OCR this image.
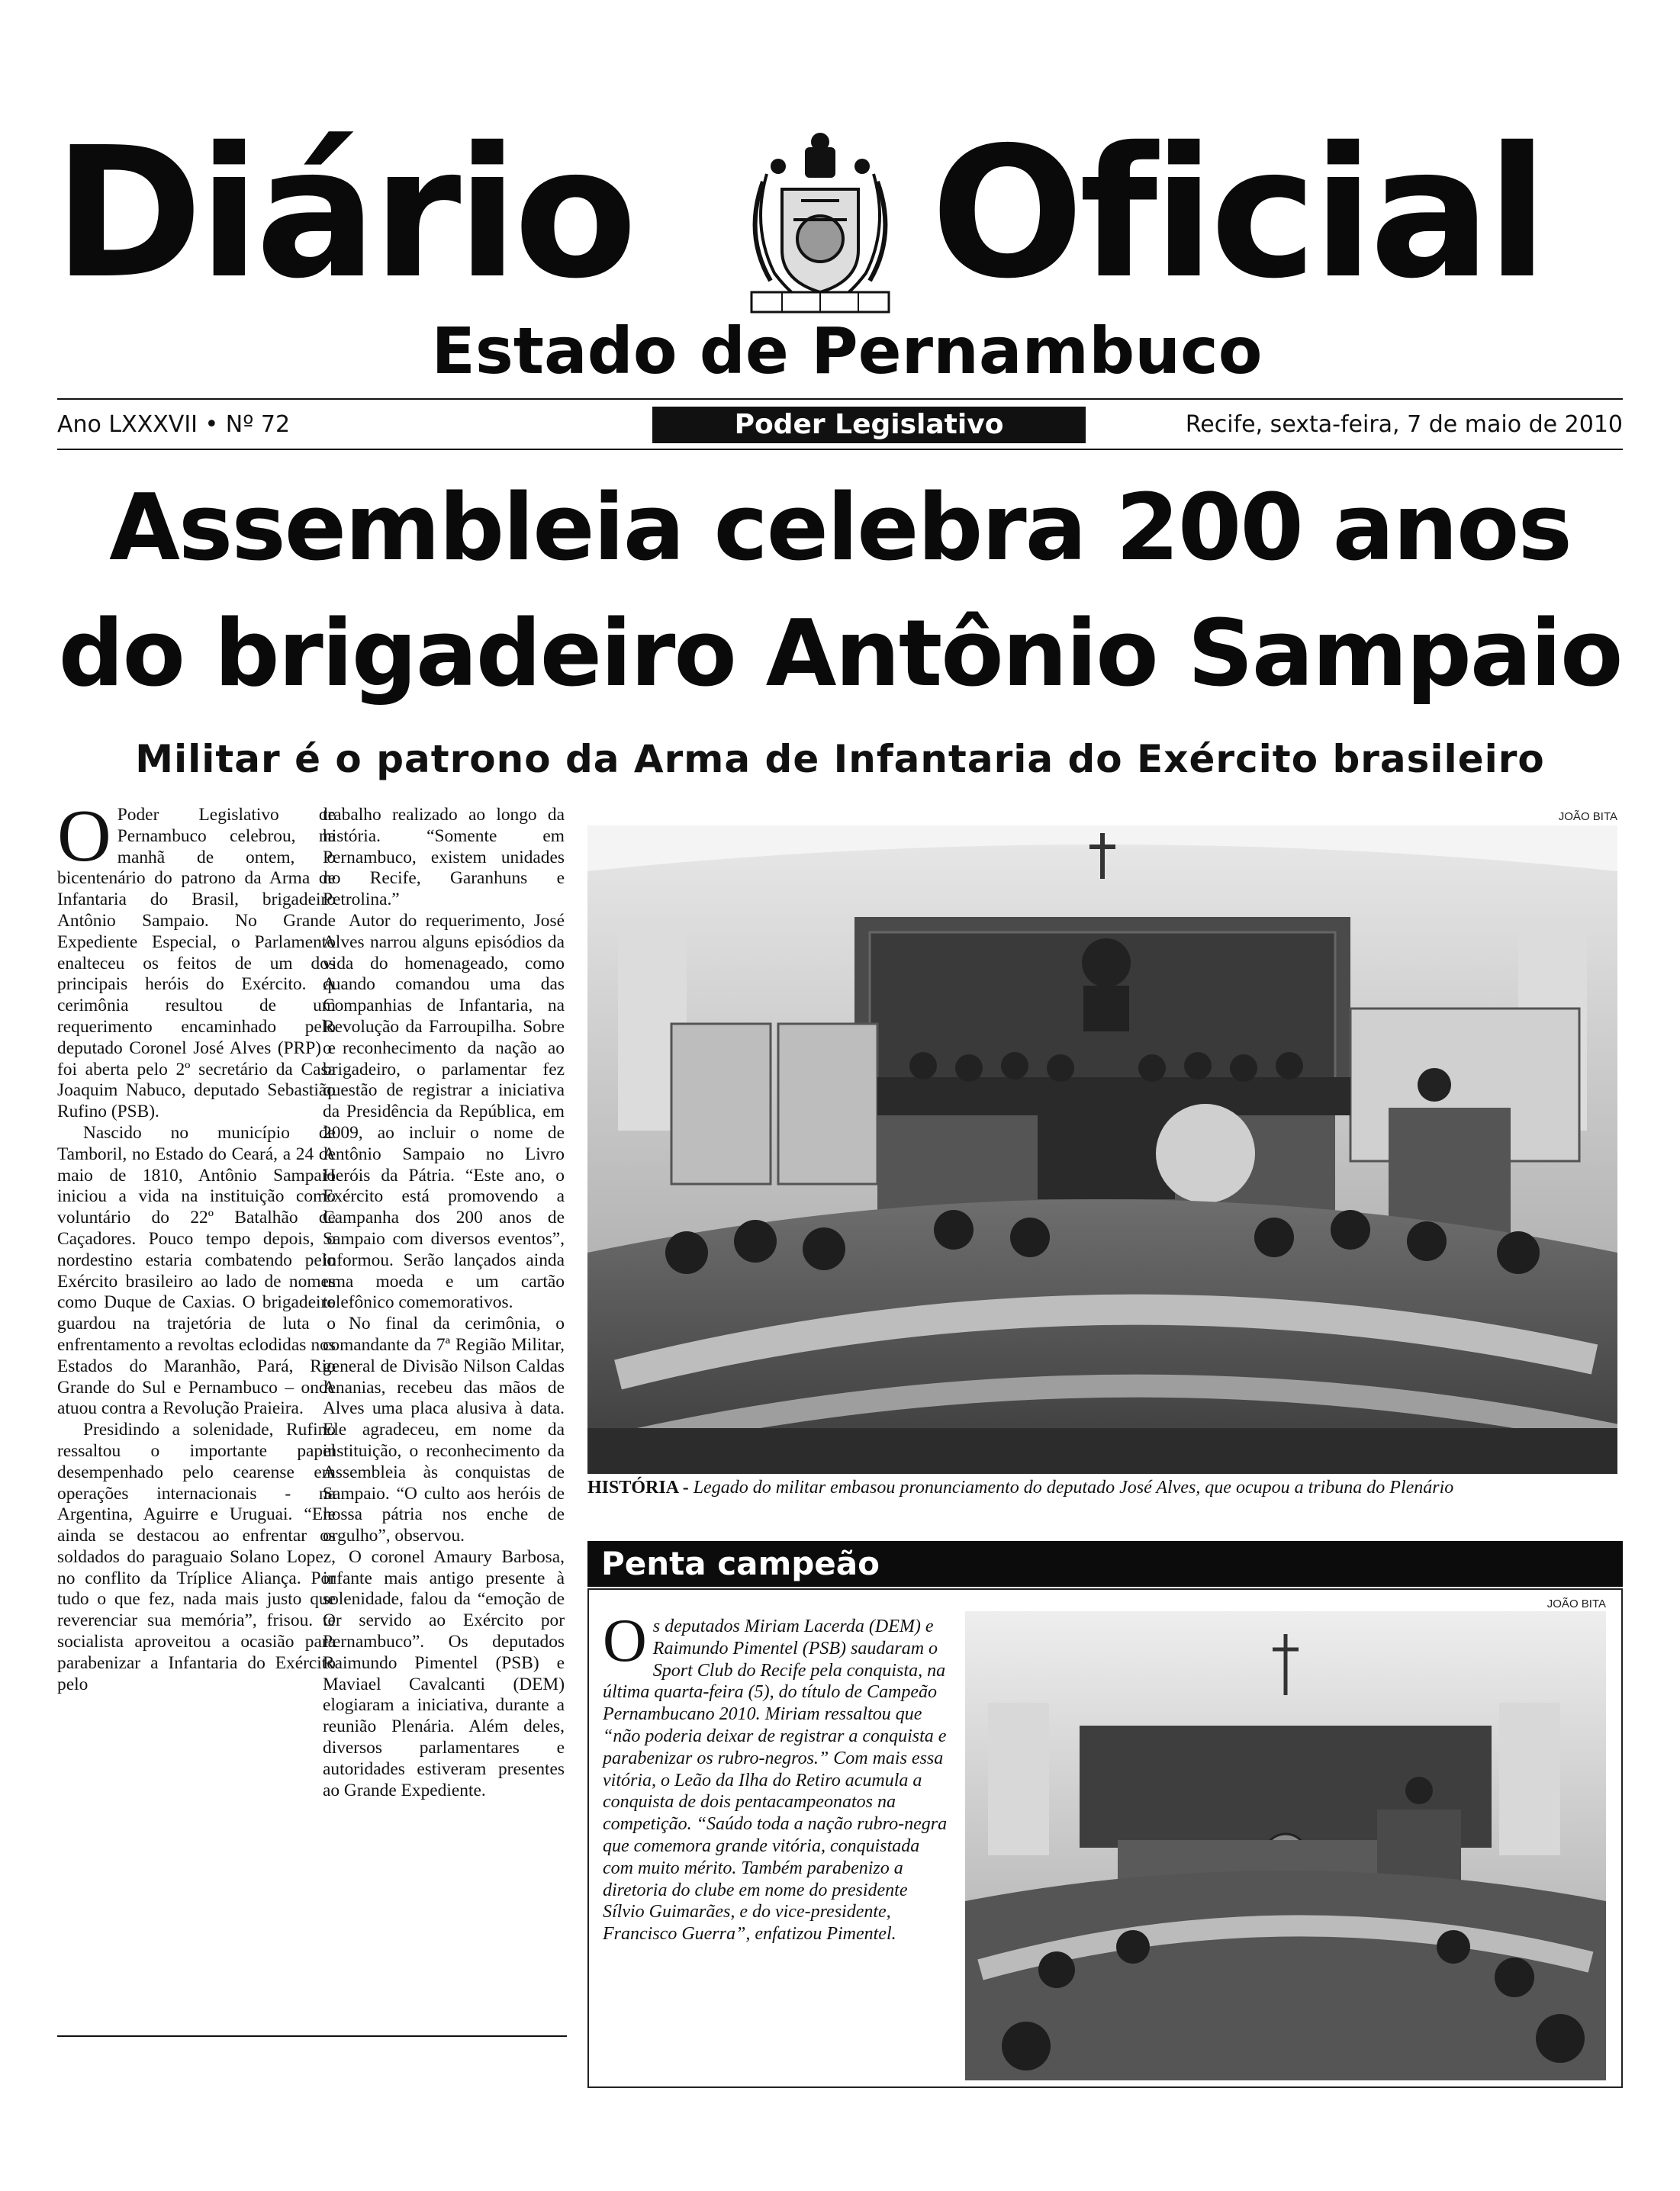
Diário Oficial
Estado de Pernambuco
Ano LXXXVII • Nº 72	Poder Legislativo	Recife, sexta-feira, 7 de maio de 2010
Assembleia celebra 200 anos
do brigadeiro Antônio Sampaio
Militar é o patrono da Arma de Infantaria do Exército brasileiro
O Poder Legislativo de Pernambuco celebrou, na manhã de ontem, o bicentenário do patrono da Arma de Infantaria do Brasil, brigadeiro Antônio Sampaio. No Grande Expediente Especial, o Parlamento enalteceu os feitos de um dos principais heróis do Exército. A cerimônia resultou de um requerimento encaminhado pelo deputado Coronel José Alves (PRP) e foi aberta pelo 2º secretário da Casa Joaquim Nabuco, deputado Sebastião Rufino (PSB).

Nascido no município de Tamboril, no Estado do Ceará, a 24 de maio de 1810, Antônio Sampaio iniciou a vida na instituição como voluntário do 22º Batalhão de Caçadores. Pouco tempo depois, o nordestino estaria combatendo pelo Exército brasileiro ao lado de nomes como Duque de Caxias. O brigadeiro guardou na trajetória de luta o enfrentamento a revoltas eclodidas nos Estados do Maranhão, Pará, Rio Grande do Sul e Pernambuco – onde atuou contra a Revolução Praieira.

Presidindo a solenidade, Rufino ressaltou o importante papel desempenhado pelo cearense em operações internacionais - na Argentina, Aguirre e Uruguai. “Ele ainda se destacou ao enfrentar os soldados do paraguaio Solano Lopez, no conflito da Tríplice Aliança. Por tudo o que fez, nada mais justo que reverenciar sua memória”, frisou. O socialista aproveitou a ocasião para parabenizar a Infantaria do Exército pelo

trabalho realizado ao longo da história. “Somente em Pernambuco, existem unidades no Recife, Garanhuns e Petrolina.”

Autor do requerimento, José Alves narrou alguns episódios da vida do homenageado, como quando comandou uma das Companhias de Infantaria, na Revolução da Farroupilha. Sobre o reconhecimento da nação ao brigadeiro, o parlamentar fez questão de registrar a iniciativa da Presidência da República, em 2009, ao incluir o nome de Antônio Sampaio no Livro Heróis da Pátria. “Este ano, o Exército está promovendo a Campanha dos 200 anos de Sampaio com diversos eventos”, informou. Serão lançados ainda uma moeda e um cartão telefônico comemorativos.

No final da cerimônia, o comandante da 7ª Região Militar, general de Divisão Nilson Caldas Ananias, recebeu das mãos de Alves uma placa alusiva à data. Ele agradeceu, em nome da instituição, o reconhecimento da Assembleia às conquistas de Sampaio. “O culto aos heróis de nossa pátria nos enche de orgulho”, observou.

O coronel Amaury Barbosa, infante mais antigo presente à solenidade, falou da “emoção de ter servido ao Exército por Pernambuco”. Os deputados Raimundo Pimentel (PSB) e Maviael Cavalcanti (DEM) elogiaram a iniciativa, durante a reunião Plenária. Além deles, diversos parlamentares e autoridades estiveram presentes ao Grande Expediente.

JOÃO BITA
HISTÓRIA - Legado do militar embasou pronunciamento do deputado José Alves, que ocupou a tribuna do Plenário
Penta campeão
O s deputados Miriam Lacerda (DEM) e Raimundo Pimentel (PSB) saudaram o Sport Club do Recife pela conquista, na última quarta-feira (5), do título de Campeão Pernambucano 2010. Miriam ressaltou que “não poderia deixar de registrar a conquista e parabenizar os rubro-negros.” Com mais essa vitória, o Leão da Ilha do Retiro acumula a conquista de dois pentacampeonatos na competição. “Saúdo toda a nação rubro-negra que comemora grande vitória, conquistada com muito mérito. Também parabenizo a diretoria do clube em nome do presidente Sílvio Guimarães, e do vice-presidente, Francisco Guerra”, enfatizou Pimentel.
JOÃO BITA
